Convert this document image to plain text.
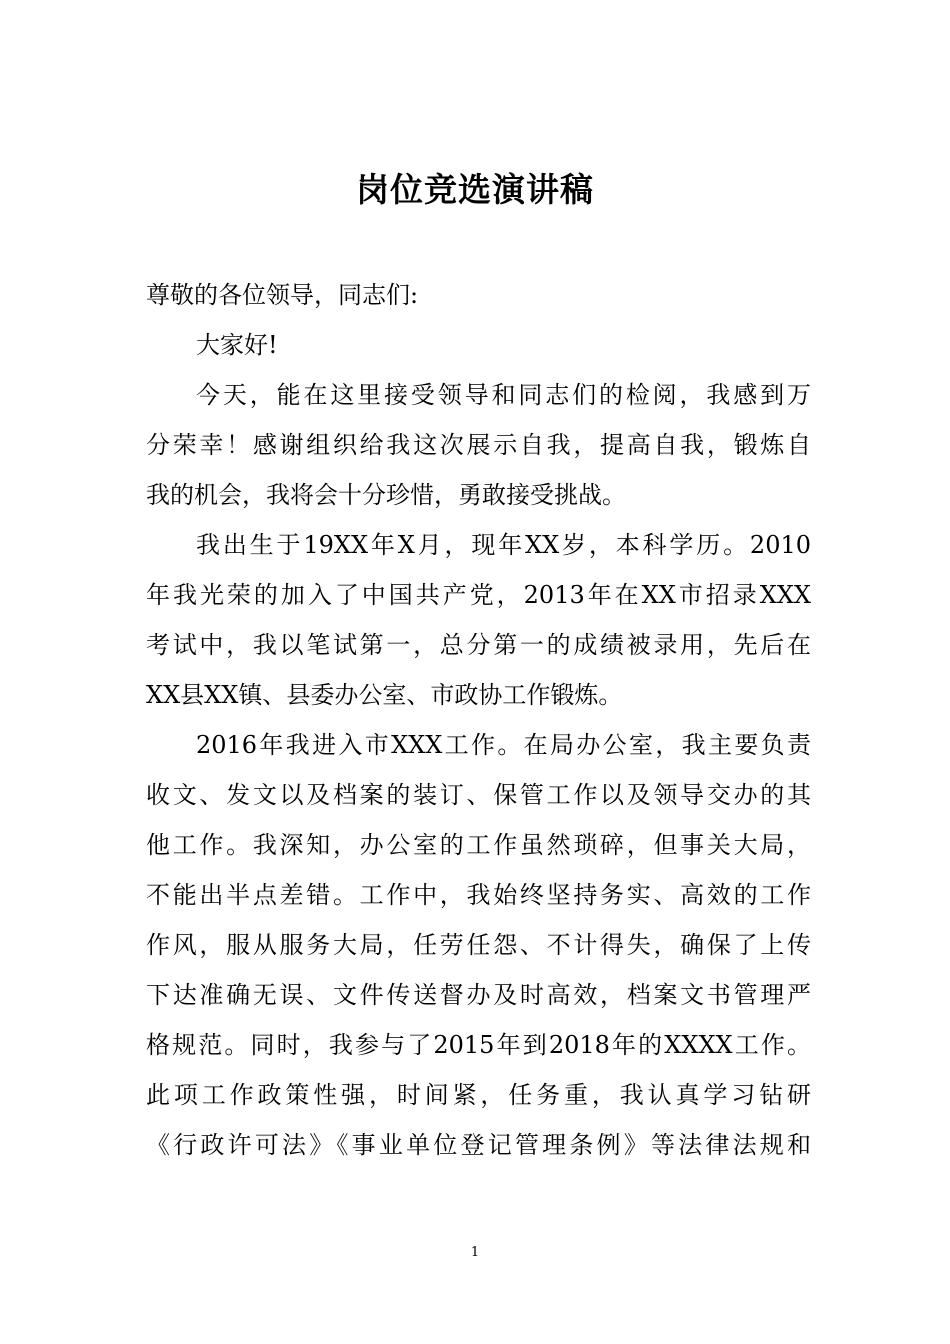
岗位竞选演讲稿
尊敬的各位领导，同志们:
大家好!
今天，能在这里接受领导和同志们的检阅，我感到万
分荣幸！感谢组织给我这次展示自我，提高自我，锻炼自
我的机会，我将会十分珍惜，勇敢接受挑战。
我出生于19XX年X月，现年XX岁，本科学历。2010
年我光荣的加入了中国共产党，2013年在XX市招录XXX
考试中，我以笔试第一，总分第一的成绩被录用，先后在
XX县XX镇、县委办公室、市政协工作锻炼。
2016年我进入市XXX工作。在局办公室，我主要负责
收文、发文以及档案的装订、保管工作以及领导交办的其
他工作。我深知，办公室的工作虽然琐碎，但事关大局，
不能出半点差错。工作中，我始终坚持务实、高效的工作
作风，服从服务大局，任劳任怨、不计得失，确保了上传
下达准确无误、文件传送督办及时高效，档案文书管理严
格规范。同时，我参与了2015年到2018年的XXXX工作。
此项工作政策性强，时间紧，任务重，我认真学习钻研
《行政许可法》《事业单位登记管理条例》等法律法规和
1
